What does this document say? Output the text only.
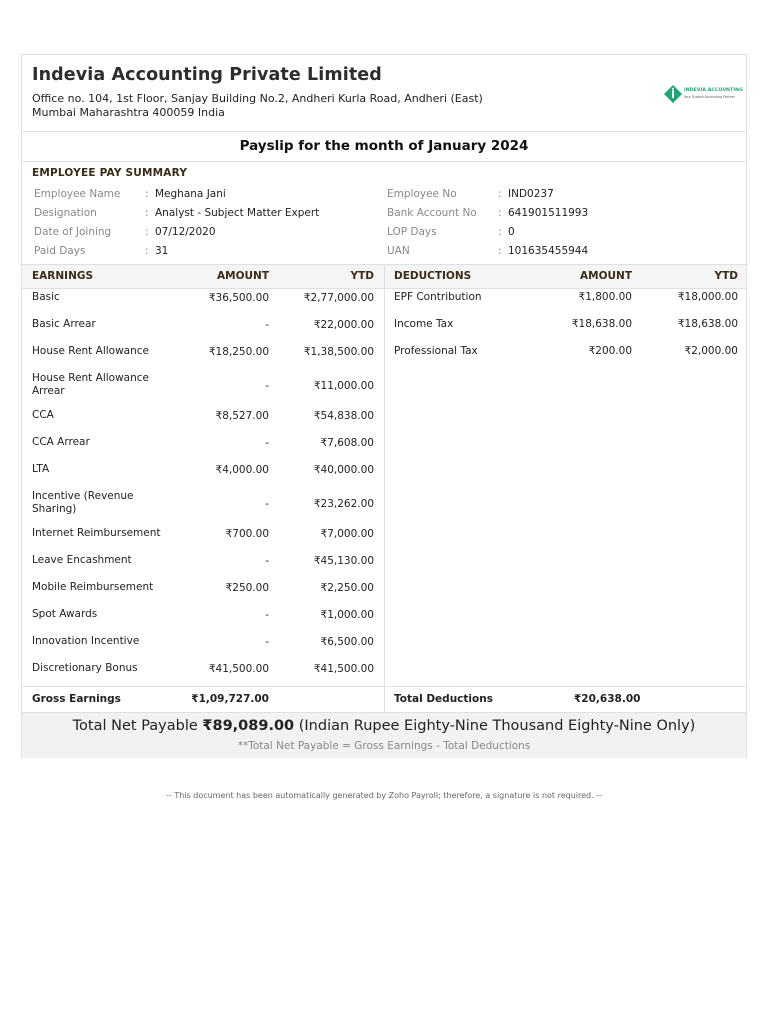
Indevia Accounting Private Limited
Office no. 104, 1st Floor, Sanjay Building No.2, Andheri Kurla Road, Andheri (East)
Mumbai Maharashtra 400059 India
INDEVIA ACCOUNTING
Your Trusted Accounting Partner
Payslip for the month of January 2024
EMPLOYEE PAY SUMMARY
Employee Name : Meghana Jani
Designation	: Analyst - Subject Matter Expert
Date of Joining	: 07/12/2020
Paid Days	: 31
Employee No	: IND0237
Bank Account No : 641901511993
LOP Days	: 0
UAN	: 101635455944
EARNINGS	AMOUNT	YTD DEDUCTIONS	AMOUNT	YTD
Basic	₹36,500.00	₹2,77,000.00
Basic Arrear	-	₹22,000.00
House Rent Allowance	₹18,250.00	₹1,38,500.00
House Rent Allowance Arrear	-	₹11,000.00
CCA	₹8,527.00	₹54,838.00
CCA Arrear	-	₹7,608.00
LTA	₹4,000.00	₹40,000.00
Incentive (Revenue Sharing)	-	₹23,262.00
Internet Reimbursement	₹700.00	₹7,000.00
Leave Encashment	-	₹45,130.00
Mobile Reimbursement	₹250.00	₹2,250.00
Spot Awards	-	₹1,000.00
Innovation Incentive	-	₹6,500.00
Discretionary Bonus	₹41,500.00	₹41,500.00
EPF Contribution	₹1,800.00	₹18,000.00
Income Tax	₹18,638.00	₹18,638.00
Professional Tax	₹200.00	₹2,000.00
Gross Earnings	₹1,09,727.00	Total Deductions	₹20,638.00
Total Net Payable ₹89,089.00 (Indian Rupee Eighty-Nine Thousand Eighty-Nine Only)
**Total Net Payable = Gross Earnings - Total Deductions
-- This document has been automatically generated by Zoho Payroll; therefore, a signature is not required. --
